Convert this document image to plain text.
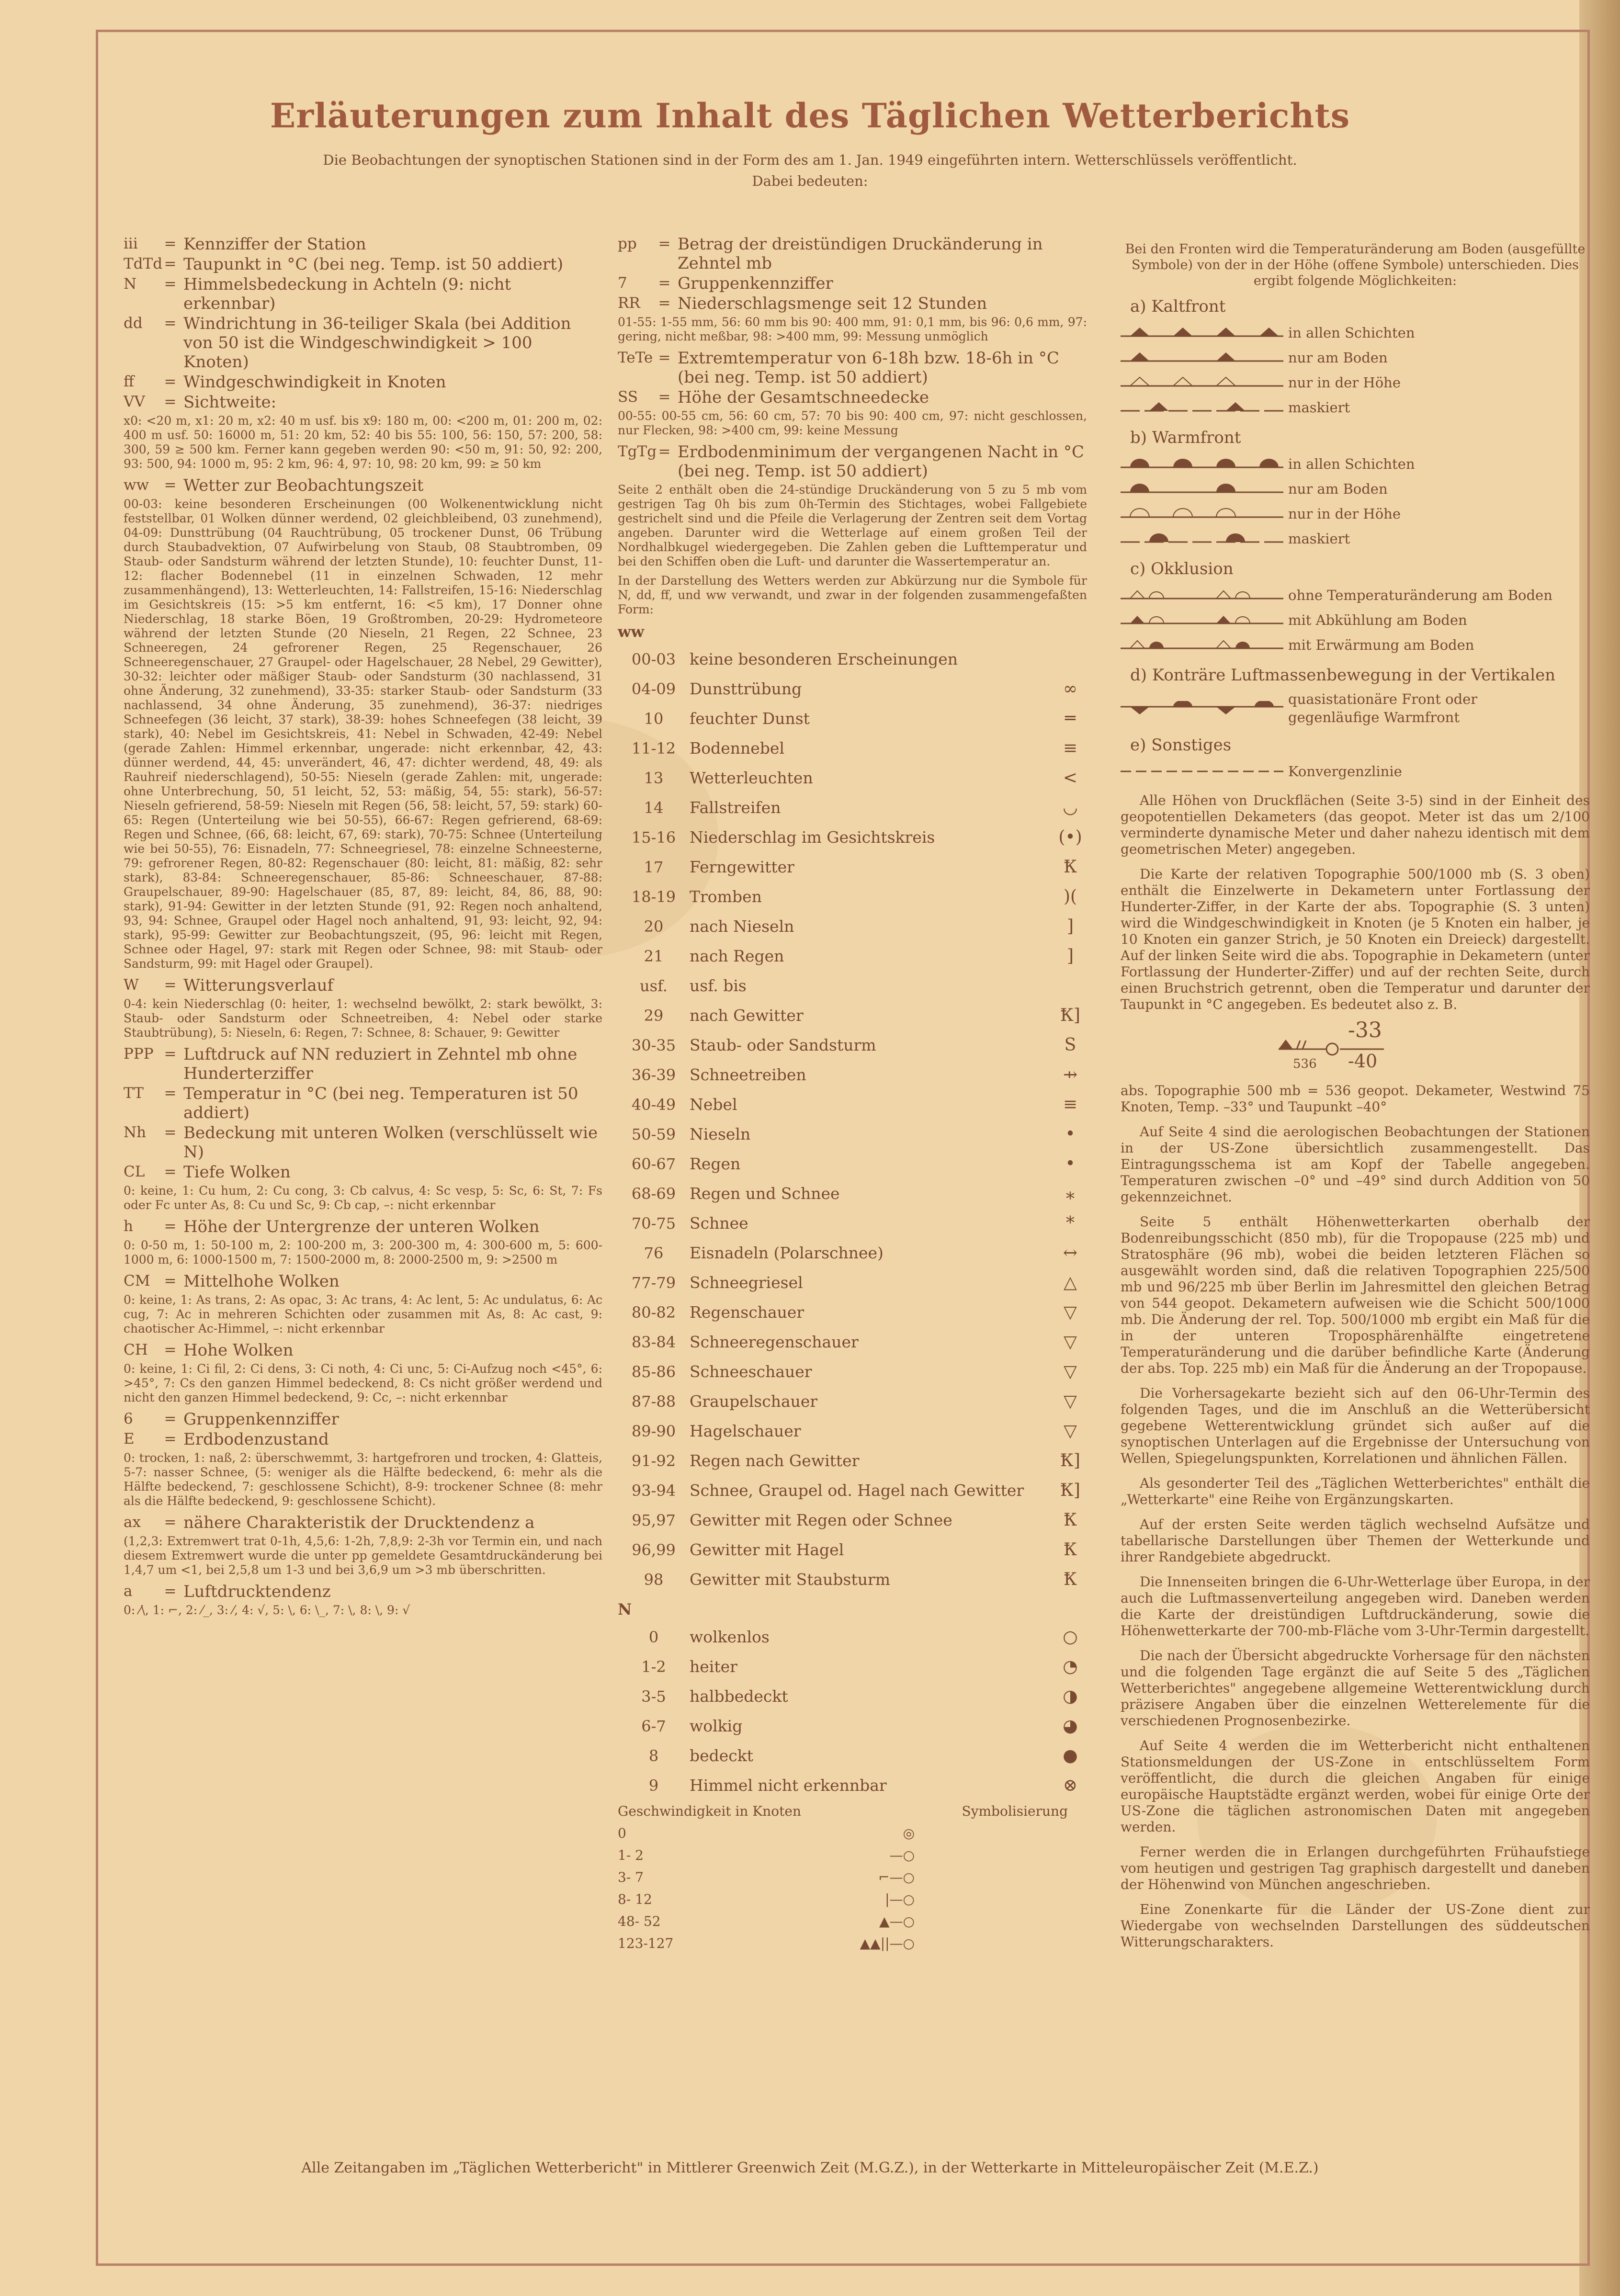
Erläuterungen zum Inhalt des Täglichen Wetterberichts
Die Beobachtungen der synoptischen Stationen sind in der Form des am 1. Jan. 1949 eingeführten intern. Wetterschlüssels veröffentlicht.
Dabei bedeuten:
iii	= Kennziffer der Station
TdTd = Taupunkt in °C (bei neg. Temp. ist 50 addiert)
N	= Himmelsbedeckung in Achteln (9: nicht erkennbar)
dd	= Windrichtung in 36-teiliger Skala (bei Addition von 50 ist die Windgeschwindigkeit > 100 Knoten)
ff	= Windgeschwindigkeit in Knoten
VV	= Sichtweite:
x0: <20 m, x1: 20 m, x2: 40 m usf. bis x9: 180 m, 00: <200 m, 01: 200 m, 02: 400 m usf. 50: 16000 m, 51: 20 km, 52: 40 bis 55: 100, 56: 150, 57: 200, 58: 300, 59 ≥ 500 km. Ferner kann gegeben werden 90: <50 m, 91: 50, 92: 200, 93: 500, 94: 1000 m, 95: 2 km, 96: 4, 97: 10, 98: 20 km, 99: ≥ 50 km
ww	= Wetter zur Beobachtungszeit
00-03: keine besonderen Erscheinungen (00 Wolkenentwicklung nicht feststellbar, 01 Wolken dünner werdend, 02 gleichbleibend, 03 zunehmend), 04-09: Dunsttrübung (04 Rauchtrübung, 05 trockener Dunst, 06 Trübung durch Staubadvektion, 07 Aufwirbelung von Staub, 08 Staubtromben, 09 Staub- oder Sandsturm während der letzten Stunde), 10: feuchter Dunst, 11-12: flacher Bodennebel (11 in einzelnen Schwaden, 12 mehr zusammenhängend), 13: Wetterleuchten, 14: Fallstreifen, 15-16: Niederschlag im Gesichtskreis (15: >5 km entfernt, 16: <5 km), 17 Donner ohne Niederschlag, 18 starke Böen, 19 Großtromben, 20-29: Hydrometeore während der letzten Stunde (20 Nieseln, 21 Regen, 22 Schnee, 23 Schneeregen, 24 gefrorener Regen, 25 Regenschauer, 26 Schneeregenschauer, 27 Graupel- oder Hagelschauer, 28 Nebel, 29 Gewitter), 30-32: leichter oder mäßiger Staub- oder Sandsturm (30 nachlassend, 31 ohne Änderung, 32 zunehmend), 33-35: starker Staub- oder Sandsturm (33 nachlassend, 34 ohne Änderung, 35 zunehmend), 36-37: niedriges Schneefegen (36 leicht, 37 stark), 38-39: hohes Schneefegen (38 leicht, 39 stark), 40: Nebel im Gesichtskreis, 41: Nebel in Schwaden, 42-49: Nebel (gerade Zahlen: Himmel erkennbar, ungerade: nicht erkennbar, 42, 43: dünner werdend, 44, 45: unverändert, 46, 47: dichter werdend, 48, 49: als Rauhreif niederschlagend), 50-55: Nieseln (gerade Zahlen: mit, ungerade: ohne Unterbrechung, 50, 51 leicht, 52, 53: mäßig, 54, 55: stark), 56-57: Nieseln gefrierend, 58-59: Nieseln mit Regen (56, 58: leicht, 57, 59: stark) 60-65: Regen (Unterteilung wie bei 50-55), 66-67: Regen gefrierend, 68-69: Regen und Schnee, (66, 68: leicht, 67, 69: stark), 70-75: Schnee (Unterteilung wie bei 50-55), 76: Eisnadeln, 77: Schneegriesel, 78: einzelne Schneesterne, 79: gefrorener Regen, 80-82: Regenschauer (80: leicht, 81: mäßig, 82: sehr stark), 83-84: Schneeregenschauer, 85-86: Schneeschauer, 87-88: Graupelschauer, 89-90: Hagelschauer (85, 87, 89: leicht, 84, 86, 88, 90: stark), 91-94: Gewitter in der letzten Stunde (91, 92: Regen noch anhaltend, 93, 94: Schnee, Graupel oder Hagel noch anhaltend, 91, 93: leicht, 92, 94: stark), 95-99: Gewitter zur Beobachtungszeit, (95, 96: leicht mit Regen, Schnee oder Hagel, 97: stark mit Regen oder Schnee, 98: mit Staub- oder Sandsturm, 99: mit Hagel oder Graupel).
W	= Witterungsverlauf
0-4: kein Niederschlag (0: heiter, 1: wechselnd bewölkt, 2: stark bewölkt, 3: Staub- oder Sandsturm oder Schneetreiben, 4: Nebel oder starke Staubtrübung), 5: Nieseln, 6: Regen, 7: Schnee, 8: Schauer, 9: Gewitter
PPP = Luftdruck auf NN reduziert in Zehntel mb ohne Hunderterziffer
TT	= Temperatur in °C (bei neg. Temperaturen ist 50 addiert)
Nh	= Bedeckung mit unteren Wolken (verschlüsselt wie N)
CL	= Tiefe Wolken
0: keine, 1: Cu hum, 2: Cu cong, 3: Cb calvus, 4: Sc vesp, 5: Sc, 6: St, 7: Fs oder Fc unter As, 8: Cu und Sc, 9: Cb cap, –: nicht erkennbar
h	= Höhe der Untergrenze der unteren Wolken
0: 0-50 m, 1: 50-100 m, 2: 100-200 m, 3: 200-300 m, 4: 300-600 m, 5: 600-1000 m, 6: 1000-1500 m, 7: 1500-2000 m, 8: 2000-2500 m, 9: >2500 m
CM = Mittelhohe Wolken
0: keine, 1: As trans, 2: As opac, 3: Ac trans, 4: Ac lent, 5: Ac undulatus, 6: Ac cug, 7: Ac in mehreren Schichten oder zusammen mit As, 8: Ac cast, 9: chaotischer Ac-Himmel, –: nicht erkennbar
CH	= Hohe Wolken
0: keine, 1: Ci fil, 2: Ci dens, 3: Ci noth, 4: Ci unc, 5: Ci-Aufzug noch <45°, 6: >45°, 7: Cs den ganzen Himmel bedeckend, 8: Cs nicht größer werdend und nicht den ganzen Himmel bedeckend, 9: Cc, –: nicht erkennbar
6	= Gruppenkennziffer
E	= Erdbodenzustand
0: trocken, 1: naß, 2: überschwemmt, 3: hartgefroren und trocken, 4: Glatteis, 5-7: nasser Schnee, (5: weniger als die Hälfte bedeckend, 6: mehr als die Hälfte bedeckend, 7: geschlossene Schicht), 8-9: trockener Schnee (8: mehr als die Hälfte bedeckend, 9: geschlossene Schicht).
ax	= nähere Charakteristik der Drucktendenz a
(1,2,3: Extremwert trat 0-1h, 4,5,6: 1-2h, 7,8,9: 2-3h vor Termin ein, und nach diesem Extremwert wurde die unter pp gemeldete Gesamtdruckänderung bei 1,4,7 um <1, bei 2,5,8 um 1-3 und bei 3,6,9 um >3 mb überschritten.
a	= Luftdrucktendenz
0: ⁄\, 1: ⌐, 2: ⁄_, 3: ⁄, 4: √, 5: \, 6: \_, 7: \, 8: \, 9: √
pp	= Betrag der dreistündigen Druckänderung in Zehntel mb
7	= Gruppenkennziffer
RR	= Niederschlagsmenge seit 12 Stunden
01-55: 1-55 mm, 56: 60 mm bis 90: 400 mm, 91: 0,1 mm, bis 96: 0,6 mm, 97: gering, nicht meßbar, 98: >400 mm, 99: Messung unmöglich
TeTe = Extremtemperatur von 6-18h bzw. 18-6h in °C (bei neg. Temp. ist 50 addiert)
SS	= Höhe der Gesamtschneedecke
00-55: 00-55 cm, 56: 60 cm, 57: 70 bis 90: 400 cm, 97: nicht geschlossen, nur Flecken, 98: >400 cm, 99: keine Messung
TgTg = Erdbodenminimum der vergangenen Nacht in °C (bei neg. Temp. ist 50 addiert)
Seite 2 enthält oben die 24-stündige Druckänderung von 5 zu 5 mb vom gestrigen Tag 0h bis zum 0h-Termin des Stichtages, wobei Fallgebiete gestrichelt sind und die Pfeile die Verlagerung der Zentren seit dem Vortag angeben. Darunter wird die Wetterlage auf einem großen Teil der Nordhalbkugel wiedergegeben. Die Zahlen geben die Lufttemperatur und bei den Schiffen oben die Luft- und darunter die Wassertemperatur an.
In der Darstellung des Wetters werden zur Abkürzung nur die Symbole für N, dd, ff, und ww verwandt, und zwar in der folgenden zusammengefaßten Form:
ww
00-03 keine besonderen Erscheinungen
04-09 Dunsttrübung	∞
10	feuchter Dunst	═
11-12 Bodennebel	≡
13	Wetterleuchten	<
14	Fallstreifen	◡
15-16 Niederschlag im Gesichtskreis	(•)
17	Ferngewitter	Ꝁ
18-19 Tromben	)(
20	nach Nieseln	]
21	nach Regen	]
usf.	usf. bis
29	nach Gewitter	Ꝁ]
30-35 Staub- oder Sandsturm	S
36-39 Schneetreiben	⇸
40-49 Nebel	≡
50-59 Nieseln	•
60-67 Regen	•
68-69 Regen und Schnee	⁎
70-75 Schnee	*
76	Eisnadeln (Polarschnee)	↔
77-79 Schneegriesel	△
80-82 Regenschauer	▽
83-84 Schneeregenschauer	▽
85-86 Schneeschauer	▽
87-88 Graupelschauer	▽
89-90 Hagelschauer	▽
91-92 Regen nach Gewitter	Ꝁ]
93-94 Schnee, Graupel od. Hagel nach Gewitter	Ꝁ]
95,97 Gewitter mit Regen oder Schnee	Ꝁ
96,99 Gewitter mit Hagel	Ꝁ
98	Gewitter mit Staubsturm	Ꝁ
N
0	wolkenlos	○
1-2	heiter	◔
3-5	halbbedeckt	◑
6-7	wolkig	◕
8	bedeckt	●
9	Himmel nicht erkennbar	⊗
Geschwindigkeit in Knoten	Symbolisierung
0	◎
1- 2	—○
3- 7	⌐—○
8- 12	|—○
48- 52	▲—○
123-127	▲▲||—○
Bei den Fronten wird die Temperaturänderung am Boden (ausgefüllte Symbole) von der in der Höhe (offene Symbole) unterschieden. Dies ergibt folgende Möglichkeiten:
a) Kaltfront
in allen Schichten
nur am Boden
nur in der Höhe
maskiert
b) Warmfront
in allen Schichten
nur am Boden
nur in der Höhe
maskiert
c) Okklusion
ohne Temperaturänderung am Boden
mit Abkühlung am Boden
mit Erwärmung am Boden
d) Konträre Luftmassenbewegung in der Vertikalen
quasistationäre Front oder gegenläufige Warmfront
e) Sonstiges
Konvergenzlinie
Alle Höhen von Druckflächen (Seite 3-5) sind in der Einheit des geopotentiellen Dekameters (das geopot. Meter ist das um 2/100 verminderte dynamische Meter und daher nahezu identisch mit dem geometrischen Meter) angegeben.
Die Karte der relativen Topographie 500/1000 mb (S. 3 oben) enthält die Einzelwerte in Dekametern unter Fortlassung der Hunderter-Ziffer, in der Karte der abs. Topographie (S. 3 unten) wird die Windgeschwindigkeit in Knoten (je 5 Knoten ein halber, je 10 Knoten ein ganzer Strich, je 50 Knoten ein Dreieck) dargestellt. Auf der linken Seite wird die abs. Topographie in Dekametern (unter Fortlassung der Hunderter-Ziffer) und auf der rechten Seite, durch einen Bruchstrich getrennt, oben die Temperatur und darunter der Taupunkt in °C angegeben. Es bedeutet also z. B.
-33
536 -40
abs. Topographie 500 mb = 536 geopot. Dekameter, Westwind 75 Knoten, Temp. –33° und Taupunkt –40°
Auf Seite 4 sind die aerologischen Beobachtungen der Stationen in der US-Zone übersichtlich zusammengestellt. Das Eintragungsschema ist am Kopf der Tabelle angegeben. Temperaturen zwischen –0° und –49° sind durch Addition von 50 gekennzeichnet.
Seite 5 enthält Höhenwetterkarten oberhalb der Bodenreibungsschicht (850 mb), für die Tropopause (225 mb) und Stratosphäre (96 mb), wobei die beiden letzteren Flächen so ausgewählt worden sind, daß die relativen Topographien 225/500 mb und 96/225 mb über Berlin im Jahresmittel den gleichen Betrag von 544 geopot. Dekametern aufweisen wie die Schicht 500/1000 mb. Die Änderung der rel. Top. 500/1000 mb ergibt ein Maß für die in der unteren Troposphärenhälfte eingetretene Temperaturänderung und die darüber befindliche Karte (Änderung der abs. Top. 225 mb) ein Maß für die Änderung an der Tropopause.
Die Vorhersagekarte bezieht sich auf den 06-Uhr-Termin des folgenden Tages, und die im Anschluß an die Wetterübersicht gegebene Wetterentwicklung gründet sich außer auf die synoptischen Unterlagen auf die Ergebnisse der Untersuchung von Wellen, Spiegelungspunkten, Korrelationen und ähnlichen Fällen.
Als gesonderter Teil des „Täglichen Wetterberichtes" enthält die „Wetterkarte" eine Reihe von Ergänzungskarten.
Auf der ersten Seite werden täglich wechselnd Aufsätze und tabellarische Darstellungen über Themen der Wetterkunde und ihrer Randgebiete abgedruckt.
Die Innenseiten bringen die 6-Uhr-Wetterlage über Europa, in der auch die Luftmassenverteilung angegeben wird. Daneben werden die Karte der dreistündigen Luftdruckänderung, sowie die Höhenwetterkarte der 700-mb-Fläche vom 3-Uhr-Termin dargestellt.
Die nach der Übersicht abgedruckte Vorhersage für den nächsten und die folgenden Tage ergänzt die auf Seite 5 des „Täglichen Wetterberichtes" angegebene allgemeine Wetterentwicklung durch präzisere Angaben über die einzelnen Wetterelemente für die verschiedenen Prognosenbezirke.
Auf Seite 4 werden die im Wetterbericht nicht enthaltenen Stationsmeldungen der US-Zone in entschlüsseltem Form veröffentlicht, die durch die gleichen Angaben für einige europäische Hauptstädte ergänzt werden, wobei für einige Orte der US-Zone die täglichen astronomischen Daten mit angegeben werden.
Ferner werden die in Erlangen durchgeführten Frühaufstiege vom heutigen und gestrigen Tag graphisch dargestellt und daneben der Höhenwind von München angeschrieben.
Eine Zonenkarte für die Länder der US-Zone dient zur Wiedergabe von wechselnden Darstellungen des süddeutschen Witterungscharakters.
Alle Zeitangaben im „Täglichen Wetterbericht" in Mittlerer Greenwich Zeit (M.G.Z.), in der Wetterkarte in Mitteleuropäischer Zeit (M.E.Z.)
